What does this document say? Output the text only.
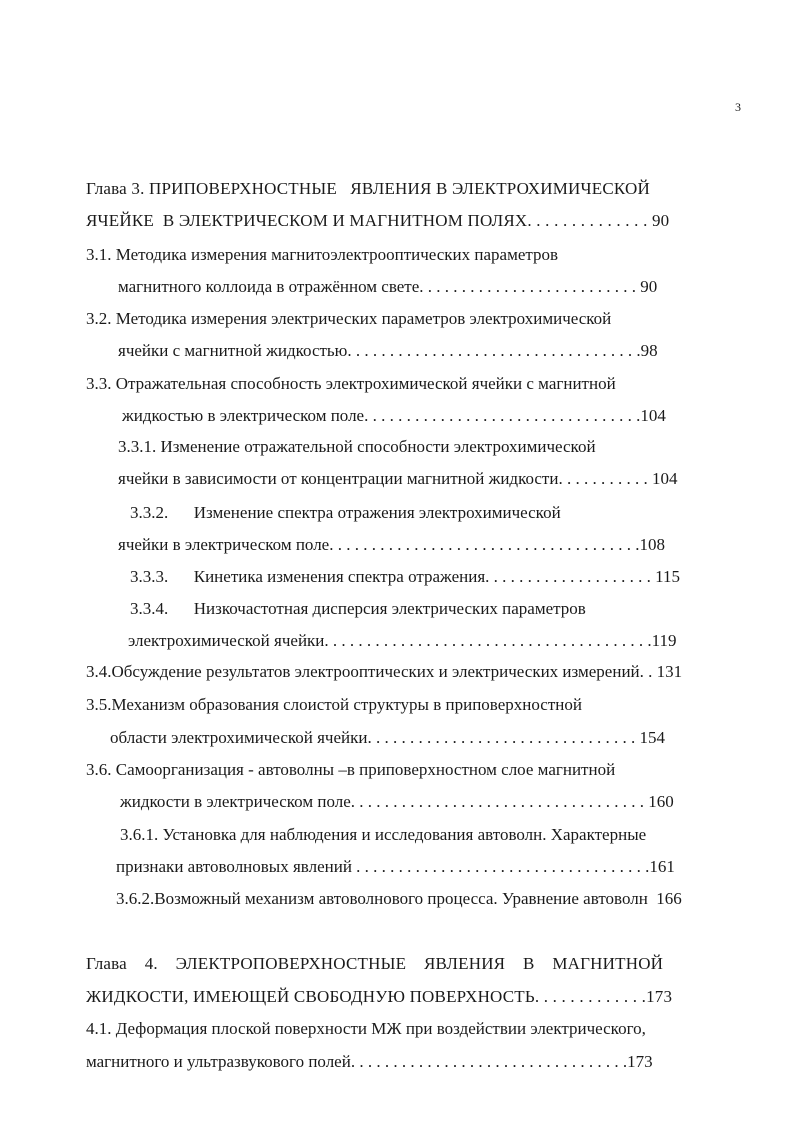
3
Глава 3. ПРИПОВЕРХНОСТНЫЕ   ЯВЛЕНИЯ В ЭЛЕКТРОХИМИЧЕСКОЙ
ЯЧЕЙКЕ  В ЭЛЕКТРИЧЕСКОМ И МАГНИТНОМ ПОЛЯХ. . . . . . . . . . . . . . 90
3.1. Методика измерения магнитоэлектрооптических параметров
магнитного коллоида в отражённом свете. . . . . . . . . . . . . . . . . . . . . . . . . . 90
3.2. Методика измерения электрических параметров электрохимической
ячейки с магнитной жидкостью. . . . . . . . . . . . . . . . . . . . . . . . . . . . . . . . . . .98
3.3. Отражательная способность электрохимической ячейки с магнитной
жидкостью в электрическом поле. . . . . . . . . . . . . . . . . . . . . . . . . . . . . . . . .104
3.3.1. Изменение отражательной способности электрохимической
ячейки в зависимости от концентрации магнитной жидкости. . . . . . . . . . . 104
3.3.2.      Изменение спектра отражения электрохимической
ячейки в электрическом поле. . . . . . . . . . . . . . . . . . . . . . . . . . . . . . . . . . . . .108
3.3.3.      Кинетика изменения спектра отражения. . . . . . . . . . . . . . . . . . . . 115
3.3.4.      Низкочастотная дисперсия электрических параметров
электрохимической ячейки. . . . . . . . . . . . . . . . . . . . . . . . . . . . . . . . . . . . . . .119
3.4.Обсуждение результатов электрооптических и электрических измерений. . 131
3.5.Механизм образования слоистой структуры в приповерхностной
области электрохимической ячейки. . . . . . . . . . . . . . . . . . . . . . . . . . . . . . . . 154
3.6. Самоорганизация - автоволны –в приповерхностном слое магнитной
жидкости в электрическом поле. . . . . . . . . . . . . . . . . . . . . . . . . . . . . . . . . . . 160
3.6.1. Установка для наблюдения и исследования автоволн. Характерные
признаки автоволновых явлений . . . . . . . . . . . . . . . . . . . . . . . . . . . . . . . . . . .161
3.6.2.Возможный механизм автоволнового процесса. Уравнение автоволн  166
Глава    4.    ЭЛЕКТРОПОВЕРХНОСТНЫЕ    ЯВЛЕНИЯ    В    МАГНИТНОЙ
ЖИДКОСТИ, ИМЕЮЩЕЙ СВОБОДНУЮ ПОВЕРХНОСТЬ. . . . . . . . . . . . .173
4.1. Деформация плоской поверхности МЖ при воздействии электрического,
магнитного и ультразвукового полей. . . . . . . . . . . . . . . . . . . . . . . . . . . . . . . . .173
